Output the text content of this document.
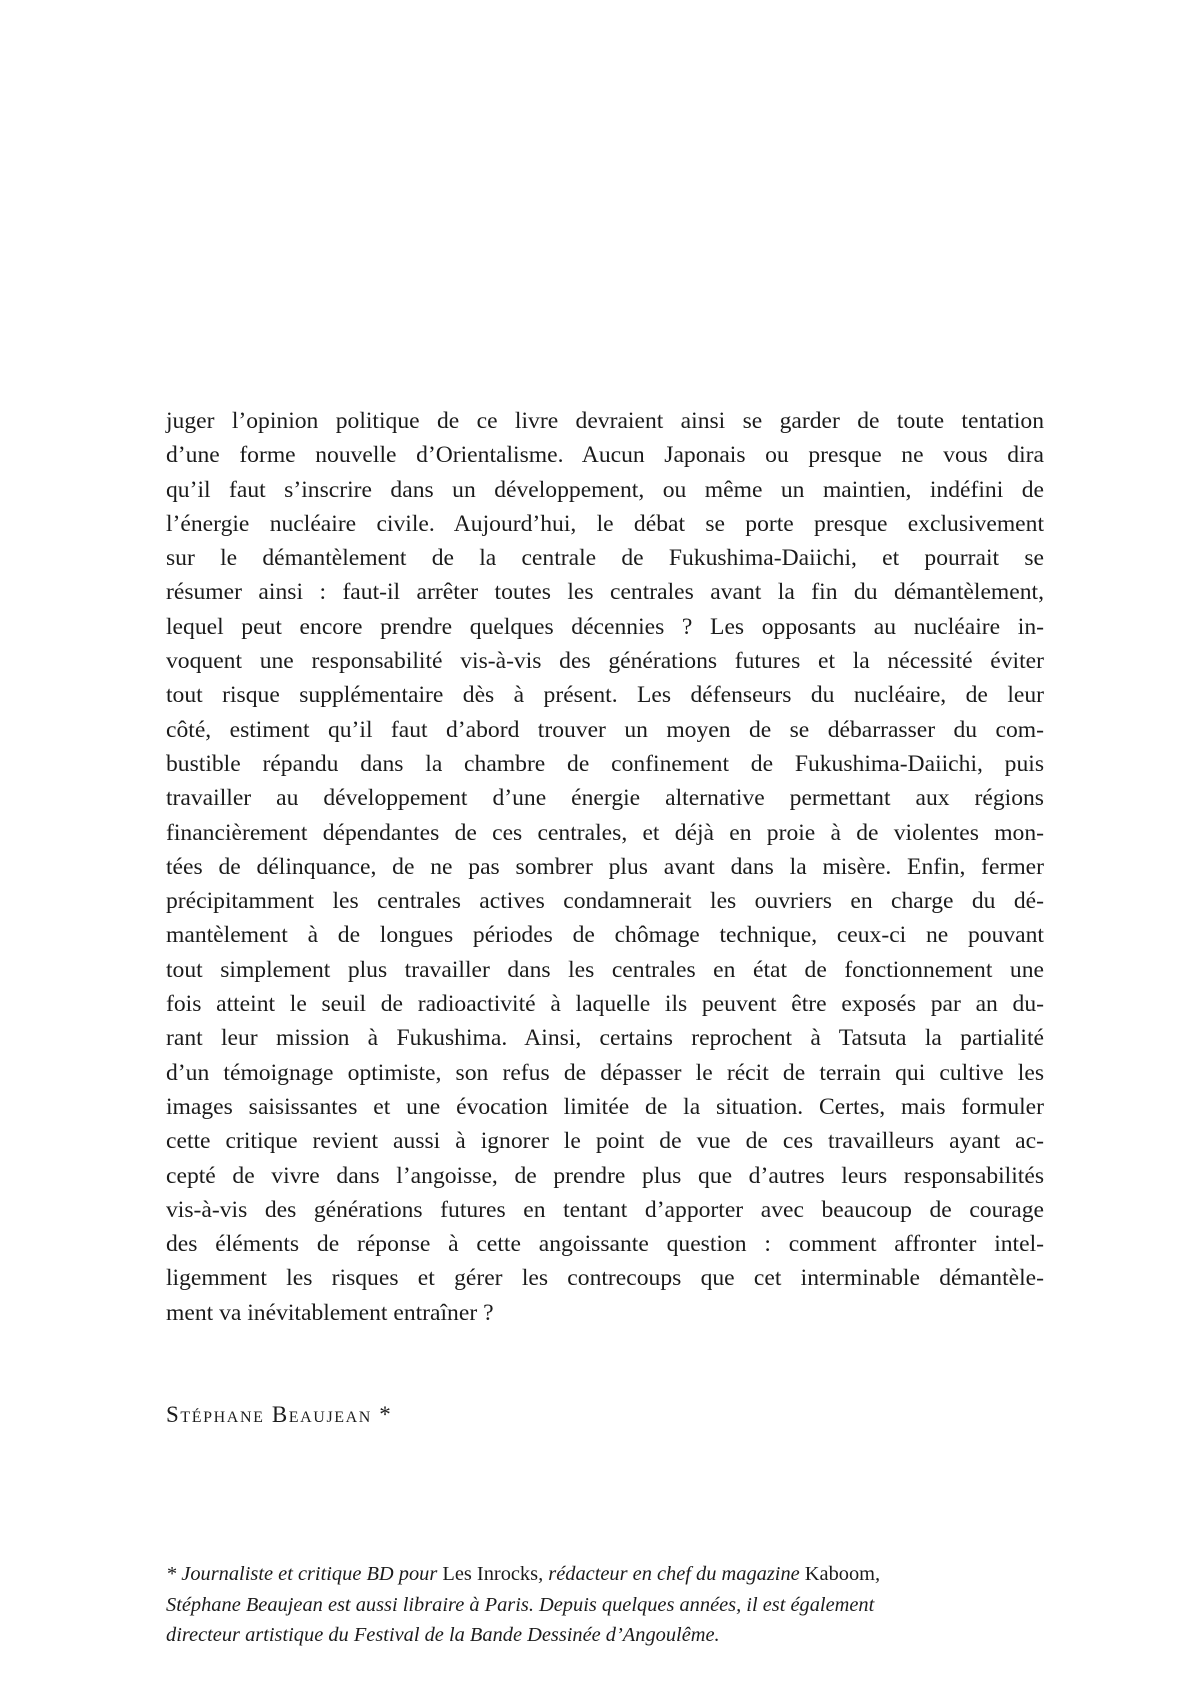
juger l’opinion politique de ce livre devraient ainsi se garder de toute tentation
d’une forme nouvelle d’Orientalisme. Aucun Japonais ou presque ne vous dira
qu’il faut s’inscrire dans un développement, ou même un maintien, indéfini de
l’énergie nucléaire civile. Aujourd’hui, le débat se porte presque exclusivement
sur le démantèlement de la centrale de Fukushima-Daiichi, et pourrait se
résumer ainsi : faut-il arrêter toutes les centrales avant la fin du démantèlement,
lequel peut encore prendre quelques décennies ? Les opposants au nucléaire in-
voquent une responsabilité vis-à-vis des générations futures et la nécessité éviter
tout risque supplémentaire dès à présent. Les défenseurs du nucléaire, de leur
côté, estiment qu’il faut d’abord trouver un moyen de se débarrasser du com-
bustible répandu dans la chambre de confinement de Fukushima-Daiichi, puis
travailler au développement d’une énergie alternative permettant aux régions
financièrement dépendantes de ces centrales, et déjà en proie à de violentes mon-
tées de délinquance, de ne pas sombrer plus avant dans la misère. Enfin, fermer
précipitamment les centrales actives condamnerait les ouvriers en charge du dé-
mantèlement à de longues périodes de chômage technique, ceux-ci ne pouvant
tout simplement plus travailler dans les centrales en état de fonctionnement une
fois atteint le seuil de radioactivité à laquelle ils peuvent être exposés par an du-
rant leur mission à Fukushima. Ainsi, certains reprochent à Tatsuta la partialité
d’un témoignage optimiste, son refus de dépasser le récit de terrain qui cultive les
images saisissantes et une évocation limitée de la situation. Certes, mais formuler
cette critique revient aussi à ignorer le point de vue de ces travailleurs ayant ac-
cepté de vivre dans l’angoisse, de prendre plus que d’autres leurs responsabilités
vis-à-vis des générations futures en tentant d’apporter avec beaucoup de courage
des éléments de réponse à cette angoissante question : comment affronter intel-
ligemment les risques et gérer les contrecoups que cet interminable démantèle-
ment va inévitablement entraîner ?

Stéphane Beaujean *

* Journaliste et critique BD pour Les Inrocks, rédacteur en chef du magazine Kaboom,
Stéphane Beaujean est aussi libraire à Paris. Depuis quelques années, il est également
directeur artistique du Festival de la Bande Dessinée d’Angoulême.
